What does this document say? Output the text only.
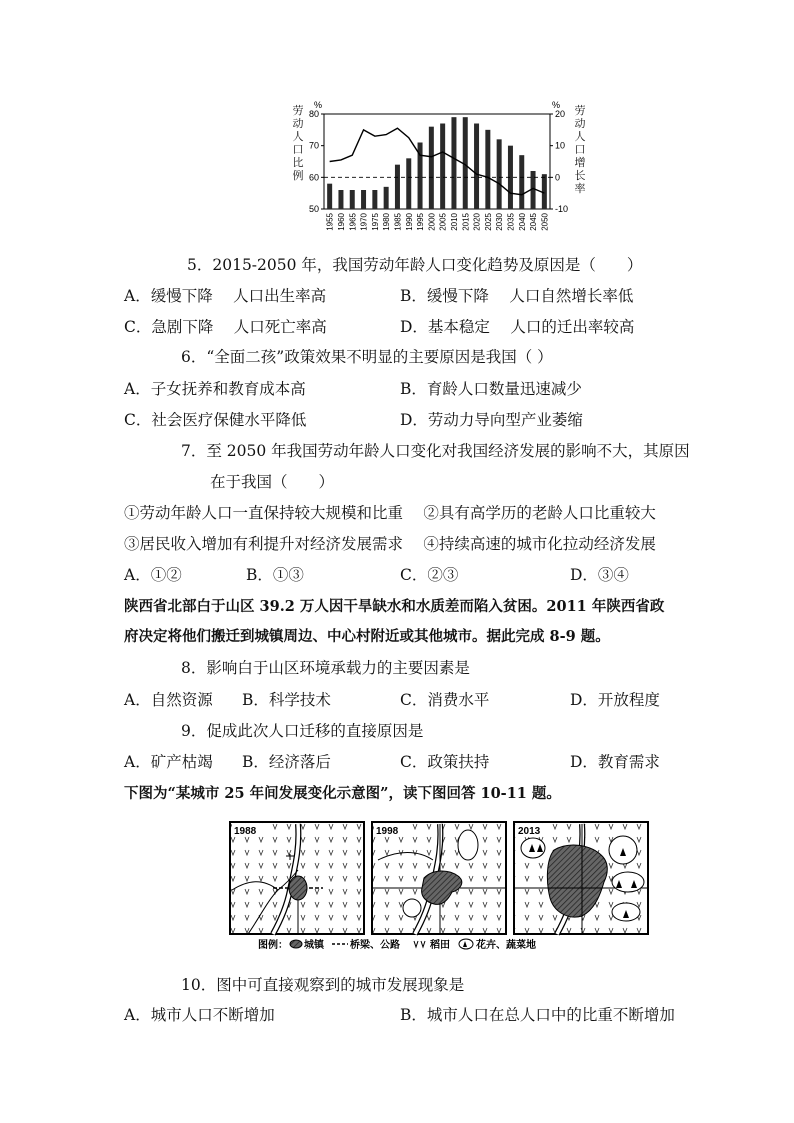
劳动人口比例
劳动人口增长率
50
60
70
80
-10
0
10
20
%	%
1955 1960 1965 1970 1975 1980 1985 1990 1995 2000 2005 2010 2015 2020 2025 2030 2035 2040 2045 2050
5．2015-2050 年，我国劳动年龄人口变化趋势及原因是（　　）
A．缓慢下降　 人口出生率高	B．缓慢下降　 人口自然增长率低
C．急剧下降　 人口死亡率高	D．基本稳定　 人口的迁出率较高
6．“全面二孩”政策效果不明显的主要原因是我国（ ）
A．子女抚养和教育成本高	B．育龄人口数量迅速减少
C．社会医疗保健水平降低	D．劳动力导向型产业萎缩
7．至 2050 年我国劳动年龄人口变化对我国经济发展的影响不大，其原因
在于我国（　　）
①劳动年龄人口一直保持较大规模和比重　 ②具有高学历的老龄人口比重较大
③居民收入增加有利提升对经济发展需求　 ④持续高速的城市化拉动经济发展
A．①②	B．①③	C．②③	D．③④
陕西省北部白于山区 39.2 万人因干旱缺水和水质差而陷入贫困。2011 年陕西省政
府决定将他们搬迁到城镇周边、中心村附近或其他城市。据此完成 8-9 题。
8．影响白于山区环境承载力的主要因素是
A．自然资源 B．科学技术	C．消费水平	D．开放程度
9．促成此次人口迁移的直接原因是
A．矿产枯竭 B．经济落后	C．政策扶持	D．教育需求
下图为“某城市 25 年间发展变化示意图”，读下图回答 10-11 题。
1988	1998	2013
图例： 城镇	桥梁、公路	稻田	花卉、蔬菜地
10．图中可直接观察到的城市发展现象是
A．城市人口不断增加	B．城市人口在总人口中的比重不断增加
